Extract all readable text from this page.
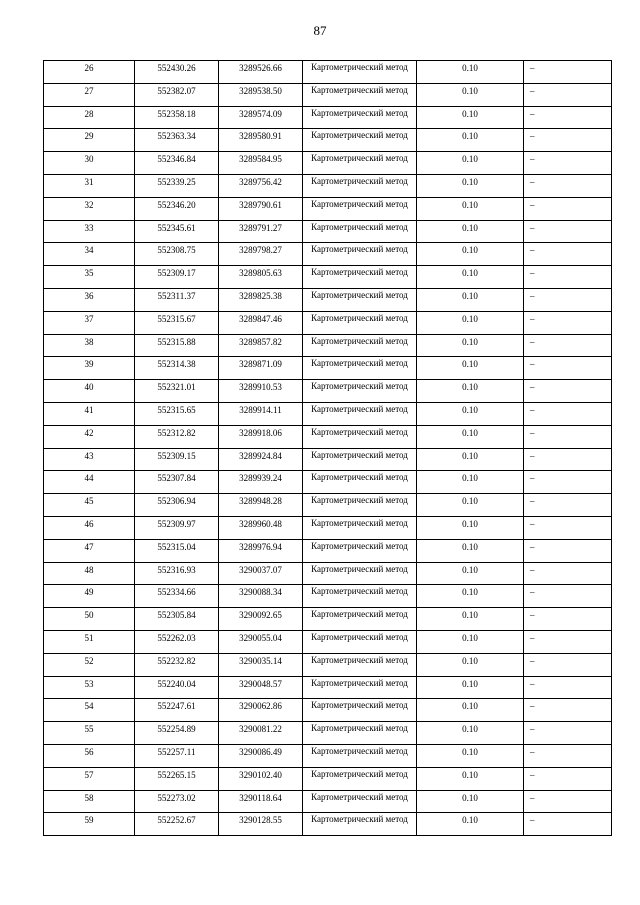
87
26	552430.26	3289526.66	Картометрический метод	0.10	–

27	552382.07	3289538.50	Картометрический метод	0.10	–

28	552358.18	3289574.09	Картометрический метод	0.10	–

29	552363.34	3289580.91	Картометрический метод	0.10	–

30	552346.84	3289584.95	Картометрический метод	0.10	–

31	552339.25	3289756.42	Картометрический метод	0.10	–

32	552346.20	3289790.61	Картометрический метод	0.10	–

33	552345.61	3289791.27	Картометрический метод	0.10	–

34	552308.75	3289798.27	Картометрический метод	0.10	–

35	552309.17	3289805.63	Картометрический метод	0.10	–

36	552311.37	3289825.38	Картометрический метод	0.10	–

37	552315.67	3289847.46	Картометрический метод	0.10	–

38	552315.88	3289857.82	Картометрический метод	0.10	–

39	552314.38	3289871.09	Картометрический метод	0.10	–

40	552321.01	3289910.53	Картометрический метод	0.10	–

41	552315.65	3289914.11	Картометрический метод	0.10	–

42	552312.82	3289918.06	Картометрический метод	0.10	–

43	552309.15	3289924.84	Картометрический метод	0.10	–

44	552307.84	3289939.24	Картометрический метод	0.10	–

45	552306.94	3289948.28	Картометрический метод	0.10	–

46	552309.97	3289960.48	Картометрический метод	0.10	–

47	552315.04	3289976.94	Картометрический метод	0.10	–

48	552316.93	3290037.07	Картометрический метод	0.10	–

49	552334.66	3290088.34	Картометрический метод	0.10	–

50	552305.84	3290092.65	Картометрический метод	0.10	–

51	552262.03	3290055.04	Картометрический метод	0.10	–

52	552232.82	3290035.14	Картометрический метод	0.10	–

53	552240.04	3290048.57	Картометрический метод	0.10	–

54	552247.61	3290062.86	Картометрический метод	0.10	–

55	552254.89	3290081.22	Картометрический метод	0.10	–

56	552257.11	3290086.49	Картометрический метод	0.10	–

57	552265.15	3290102.40	Картометрический метод	0.10	–

58	552273.02	3290118.64	Картометрический метод	0.10	–

59	552252.67	3290128.55	Картометрический метод	0.10	–
